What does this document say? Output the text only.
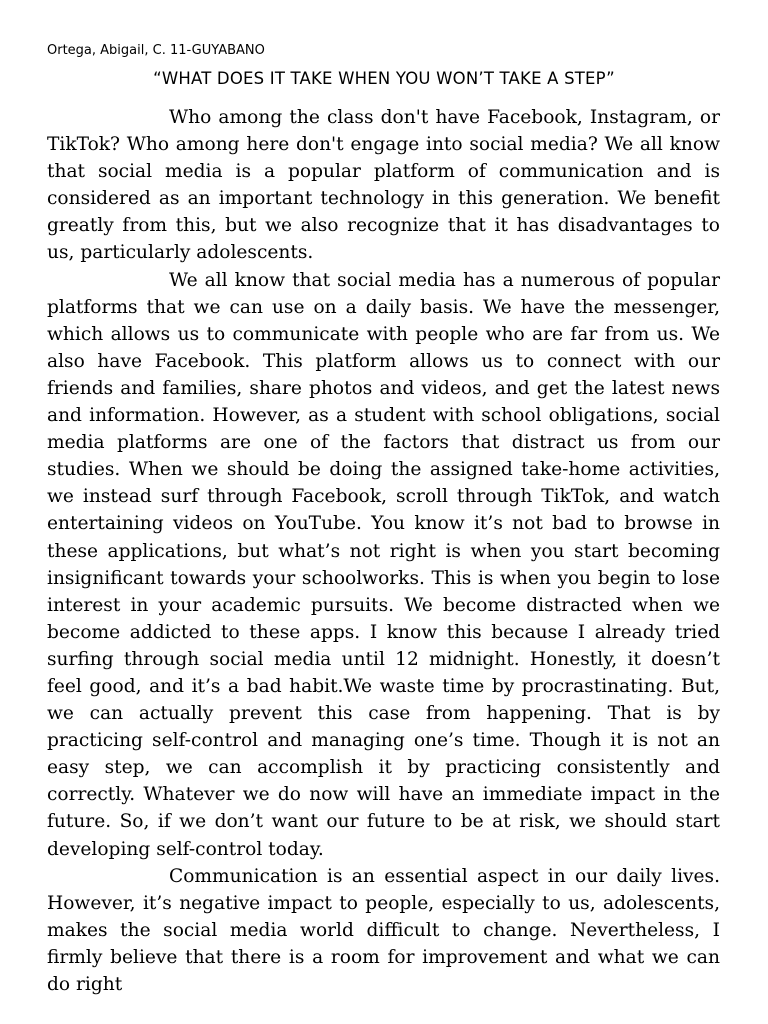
Ortega, Abigail, C. 11-GUYABANO
“WHAT DOES IT TAKE WHEN YOU WON’T TAKE A STEP”

Who among the class don't have Facebook, Instagram, or TikTok? Who among here don't engage into social media? We all know that social media is a popular platform of communication and is considered as an important technology in this generation. We benefit greatly from this, but we also recognize that it has disadvantages to us, particularly adolescents.

We all know that social media has a numerous of popular platforms that we can use on a daily basis. We have the messenger, which allows us to communicate with people who are far from us. We also have Facebook. This platform allows us to connect with our friends and families, share photos and videos, and get the latest news and information. However, as a student with school obligations, social media platforms are one of the factors that distract us from our studies. When we should be doing the assigned take-home activities, we instead surf through Facebook, scroll through TikTok, and watch entertaining videos on YouTube. You know it’s not bad to browse in these applications, but what’s not right is when you start becoming insignificant towards your schoolworks. This is when you begin to lose interest in your academic pursuits. We become distracted when we become addicted to these apps. I know this because I already tried surfing through social media until 12 midnight. Honestly, it doesn’t feel good, and it’s a bad habit.We waste time by procrastinating. But, we can actually prevent this case from happening. That is by practicing self-control and managing one’s time. Though it is not an easy step, we can accomplish it by practicing consistently and correctly. Whatever we do now will have an immediate impact in the future. So, if we don’t want our future to be at risk, we should start developing self-control today.

Communication is an essential aspect in our daily lives. However, it’s negative impact to people, especially to us, adolescents, makes the social media world difficult to change. Nevertheless, I firmly believe that there is a room for improvement and what we can do right
